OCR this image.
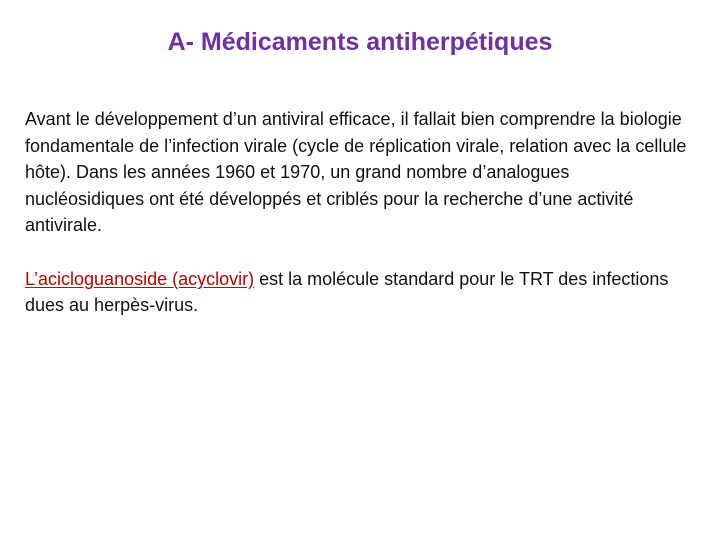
A- Médicaments antiherpétiques

Avant le développement d’un antiviral efficace, il fallait bien comprendre la biologie fondamentale de l’infection virale (cycle de réplication virale, relation avec la cellule hôte). Dans les années 1960 et 1970, un grand nombre d’analogues nucléosidiques ont été développés et criblés pour la recherche d’une activité antivirale.

L’acicloguanoside (acyclovir) est la molécule standard pour le TRT des infections dues au herpès-virus.
